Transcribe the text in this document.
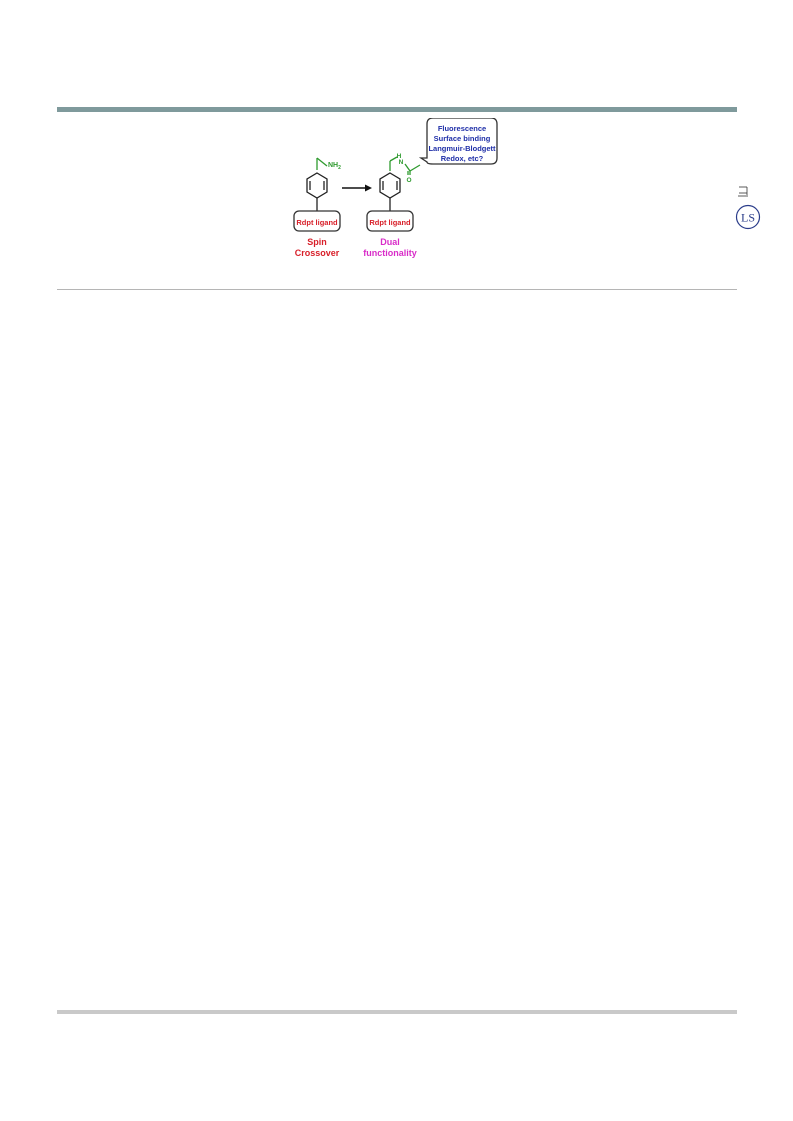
$NH_2$
Rdpt ligand
Spin
Crossover
H
N
O
Rdpt ligand
Dual
functionality
Fluorescence
Surface binding
Langmuir-Blodgett
Redox, etc?
LS
